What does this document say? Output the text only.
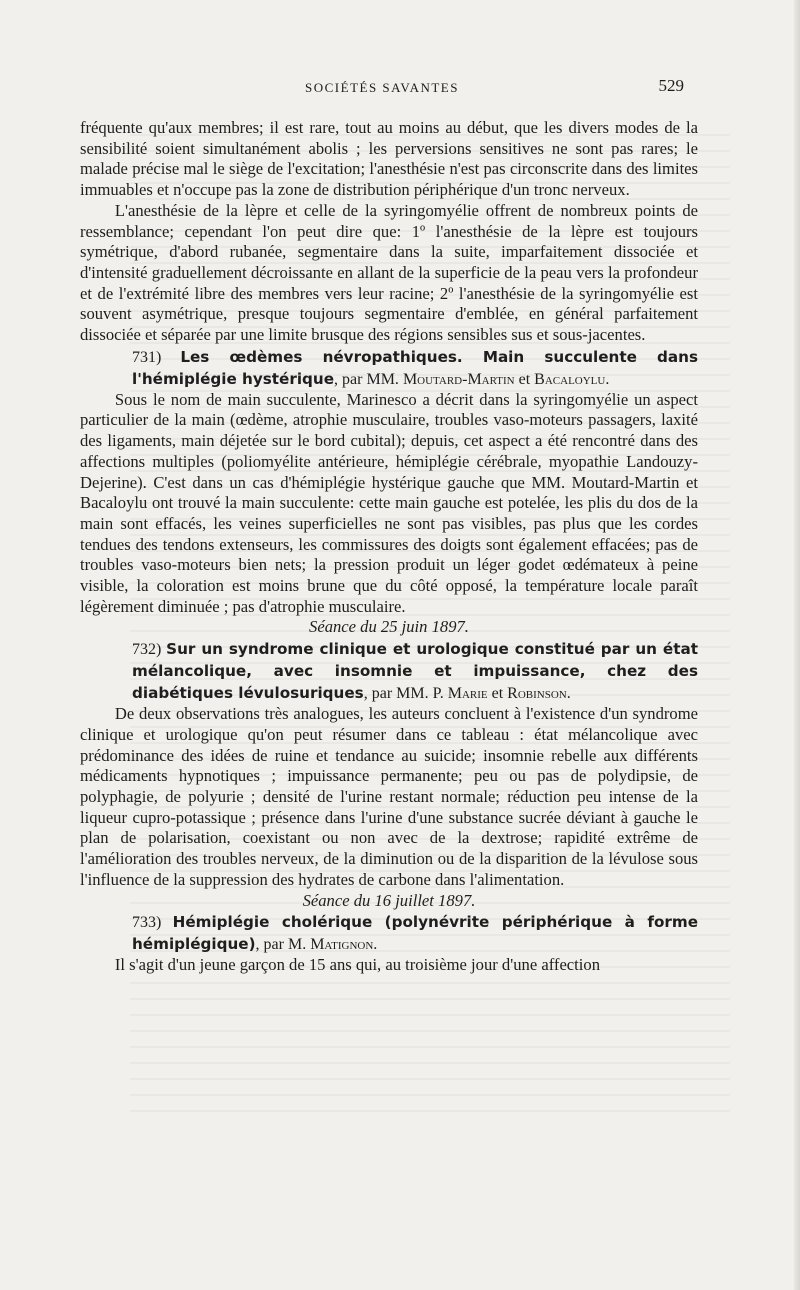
SOCIÉTÉS SAVANTES	529

fréquente qu'aux membres; il est rare, tout au moins au début, que les divers modes de la sensibilité soient simultanément abolis ; les perversions sensitives ne sont pas rares; le malade précise mal le siège de l'excitation; l'anesthésie n'est pas circonscrite dans des limites immuables et n'occupe pas la zone de distribution périphérique d'un tronc nerveux.

L'anesthésie de la lèpre et celle de la syringomyélie offrent de nombreux points de ressemblance; cependant l'on peut dire que: 1º l'anesthésie de la lèpre est toujours symétrique, d'abord rubanée, segmentaire dans la suite, imparfaitement dissociée et d'intensité graduellement décroissante en allant de la superficie de la peau vers la profondeur et de l'extrémité libre des membres vers leur racine; 2º l'anesthésie de la syringomyélie est souvent asymétrique, presque toujours segmentaire d'emblée, en général parfaitement dissociée et séparée par une limite brusque des régions sensibles sus et sous-jacentes.

731) Les œdèmes névropathiques. Main succulente dans l'hémiplégie hystérique, par MM. Moutard-Martin et Bacaloylu.

Sous le nom de main succulente, Marinesco a décrit dans la syringomyélie un aspect particulier de la main (œdème, atrophie musculaire, troubles vaso-moteurs passagers, laxité des ligaments, main déjetée sur le bord cubital); depuis, cet aspect a été rencontré dans des affections multiples (poliomyélite antérieure, hémiplégie cérébrale, myopathie Landouzy-Dejerine). C'est dans un cas d'hémiplégie hystérique gauche que MM. Moutard-Martin et Bacaloylu ont trouvé la main succulente: cette main gauche est potelée, les plis du dos de la main sont effacés, les veines superficielles ne sont pas visibles, pas plus que les cordes tendues des tendons extenseurs, les commissures des doigts sont également effacées; pas de troubles vaso-moteurs bien nets; la pression produit un léger godet œdémateux à peine visible, la coloration est moins brune que du côté opposé, la température locale paraît légèrement diminuée ; pas d'atrophie musculaire.

Séance du 25 juin 1897.

732) Sur un syndrome clinique et urologique constitué par un état mélancolique, avec insomnie et impuissance, chez des diabétiques lévulosuriques, par MM. P. Marie et Robinson.

De deux observations très analogues, les auteurs concluent à l'existence d'un syndrome clinique et urologique qu'on peut résumer dans ce tableau : état mélancolique avec prédominance des idées de ruine et tendance au suicide; insomnie rebelle aux différents médicaments hypnotiques ; impuissance permanente; peu ou pas de polydipsie, de polyphagie, de polyurie ; densité de l'urine restant normale; réduction peu intense de la liqueur cupro-potassique ; présence dans l'urine d'une substance sucrée déviant à gauche le plan de polarisation, coexistant ou non avec de la dextrose; rapidité extrême de l'amélioration des troubles nerveux, de la diminution ou de la disparition de la lévulose sous l'influence de la suppression des hydrates de carbone dans l'alimentation.

Séance du 16 juillet 1897.

733) Hémiplégie cholérique (polynévrite périphérique à forme hémiplégique), par M. Matignon.

Il s'agit d'un jeune garçon de 15 ans qui, au troisième jour d'une affection
